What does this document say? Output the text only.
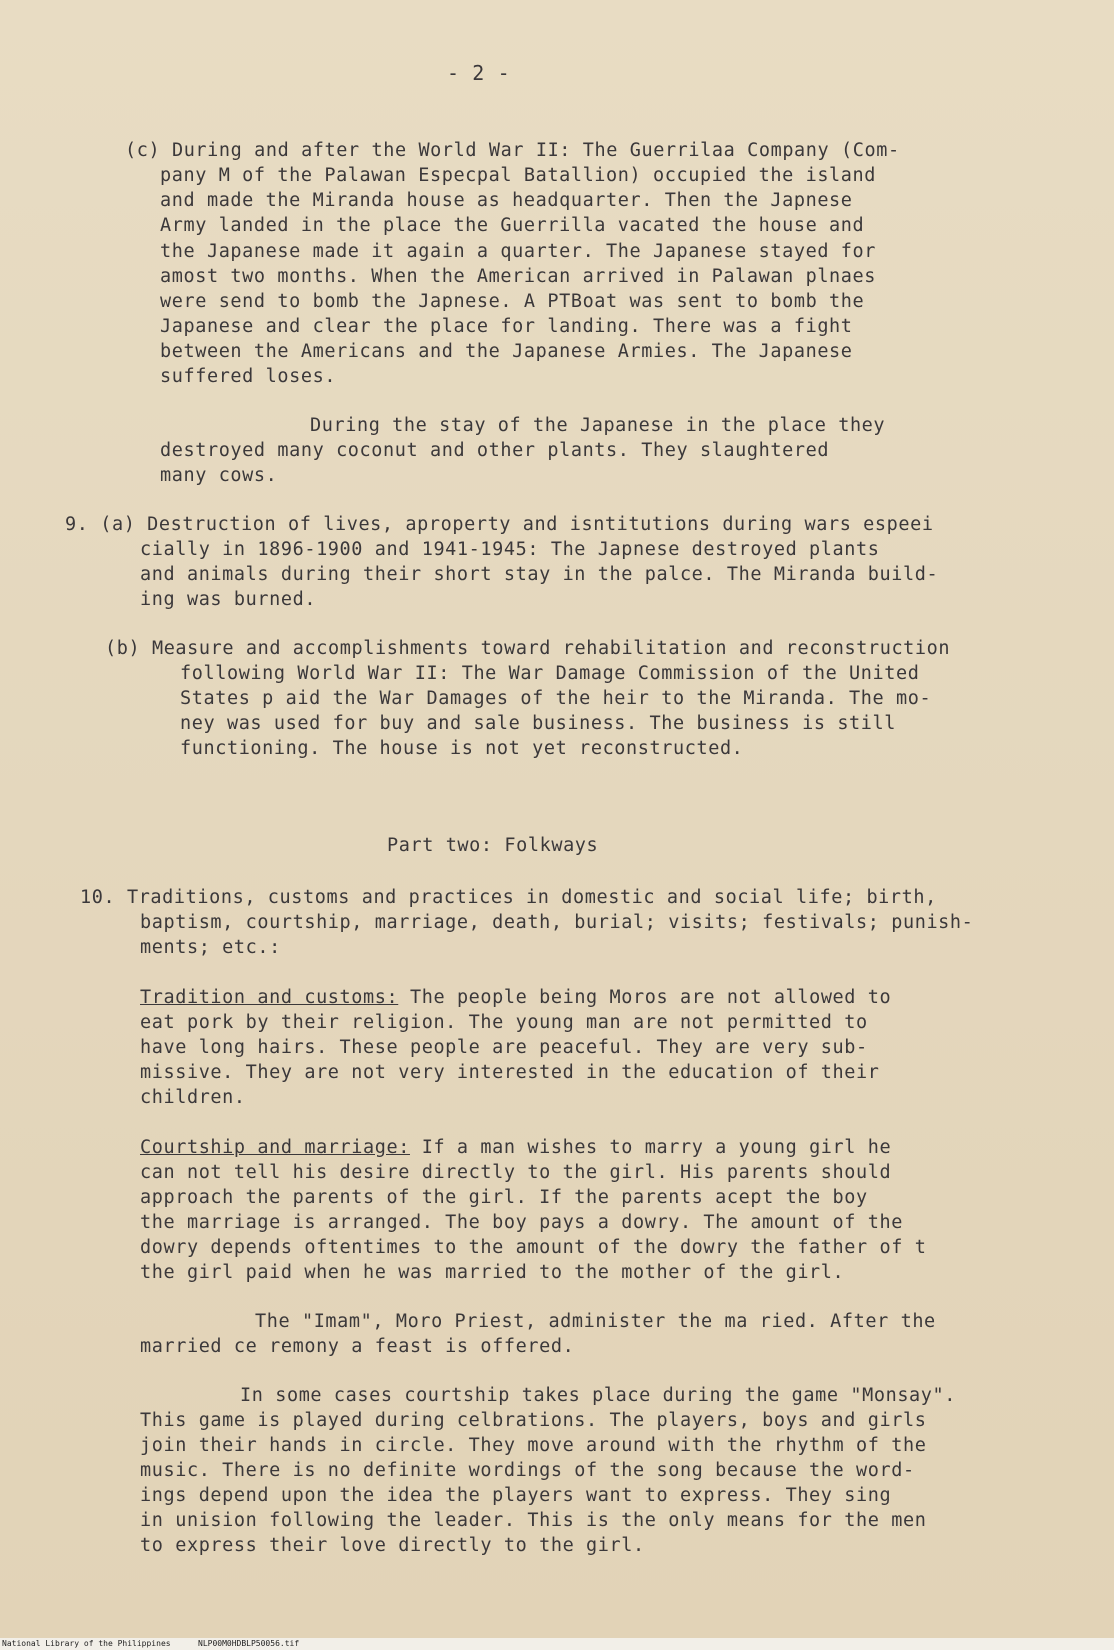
- 2 -
(c) During and after the World War II: The Guerrilaa Company (Com-
pany M of the Palawan Especpal Batallion) occupied the island
and made the Miranda house as headquarter. Then the Japnese
Army landed in the place the Guerrilla vacated the house and
the Japanese made it again a quarter. The Japanese stayed for
amost two months. When the American arrived in Palawan plnaes
were send to bomb the Japnese. A PTBoat was sent to bomb the
Japanese and clear the place for landing. There was a fight
between the Americans and the Japanese Armies. The Japanese
suffered loses.
During the stay of the Japanese in the place they
destroyed many coconut and other plants. They slaughtered
many cows.
9. (a) Destruction of lives, aproperty and isntitutions during wars espeei
cially in 1896-1900 and 1941-1945: The Japnese destroyed plants
and animals during their short stay in the palce. The Miranda build-
ing was burned.
(b) Measure and accomplishments toward rehabilitation and reconstruction
following World War II: The War Damage Commission of the United
States p aid the War Damages of the heir to the Miranda. The mo-
ney was used for buy and sale business. The business is still
functioning. The house is not yet reconstructed.
Part two: Folkways
10. Traditions, customs and practices in domestic and social life; birth,
baptism, courtship, marriage, death, burial; visits; festivals; punish-
ments; etc.:
Tradition and customs: The people being Moros are not allowed to
eat pork by their religion. The young man are not permitted to
have long hairs. These people are peaceful. They are very sub-
missive. They are not very interested in the education of their
children.
Courtship and marriage: If a man wishes to marry a young girl he
can not tell his desire directly to the girl. His parents should
approach the parents of the girl. If the parents acept the boy
the marriage is arranged. The boy pays a dowry. The amount of the
dowry depends oftentimes to the amount of the dowry the father of t
the girl paid when he was married to the mother of the girl.
The "Imam", Moro Priest, administer the ma ried. After the
married ce remony a feast is offered.
In some cases courtship takes place during the game "Monsay".
This game is played during celbrations. The players, boys and girls
join their hands in circle. They move around with the rhythm of the
music. There is no definite wordings of the song because the word-
ings depend upon the idea the players want to express. They sing
in unision following the leader. This is the only means for the men
to express their love directly to the girl.
National Library of the Philippines	NLP00M0HDBLP50056.tif
